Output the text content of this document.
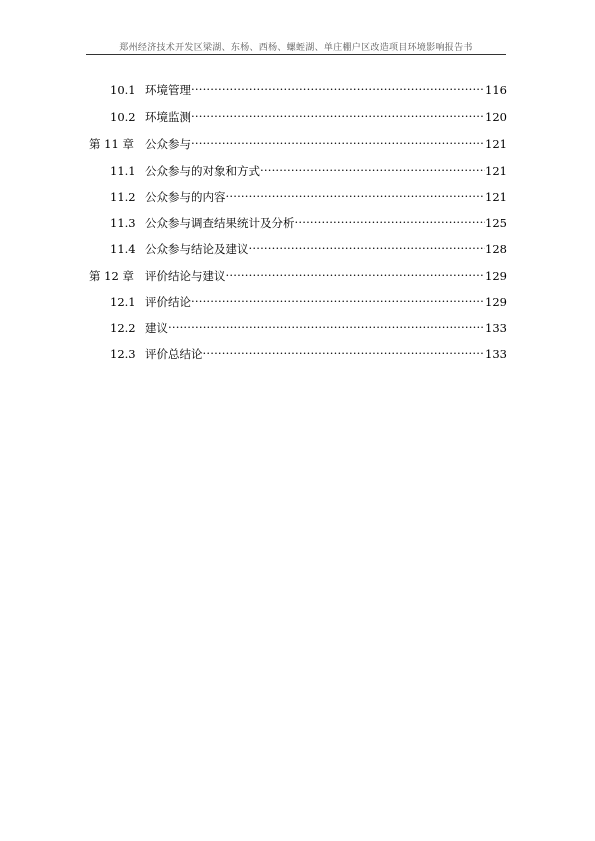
郑州经济技术开发区梁湖、东杨、西杨、螺蛭湖、单庄棚户区改造项目环境影响报告书
10.1 环境管理 .....	116
10.2 环境监测 .....	120
第 11 章 公众参与 .....	121
11.1 公众参与的对象和方式 .....	121
11.2 公众参与的内容 .....	121
11.3 公众参与调查结果统计及分析 .....	125
11.4 公众参与结论及建议 .....	128
第 12 章 评价结论与建议 .....	129
12.1 评价结论 .....	129
12.2 建议 .....	133
12.3 评价总结论 .....	133
